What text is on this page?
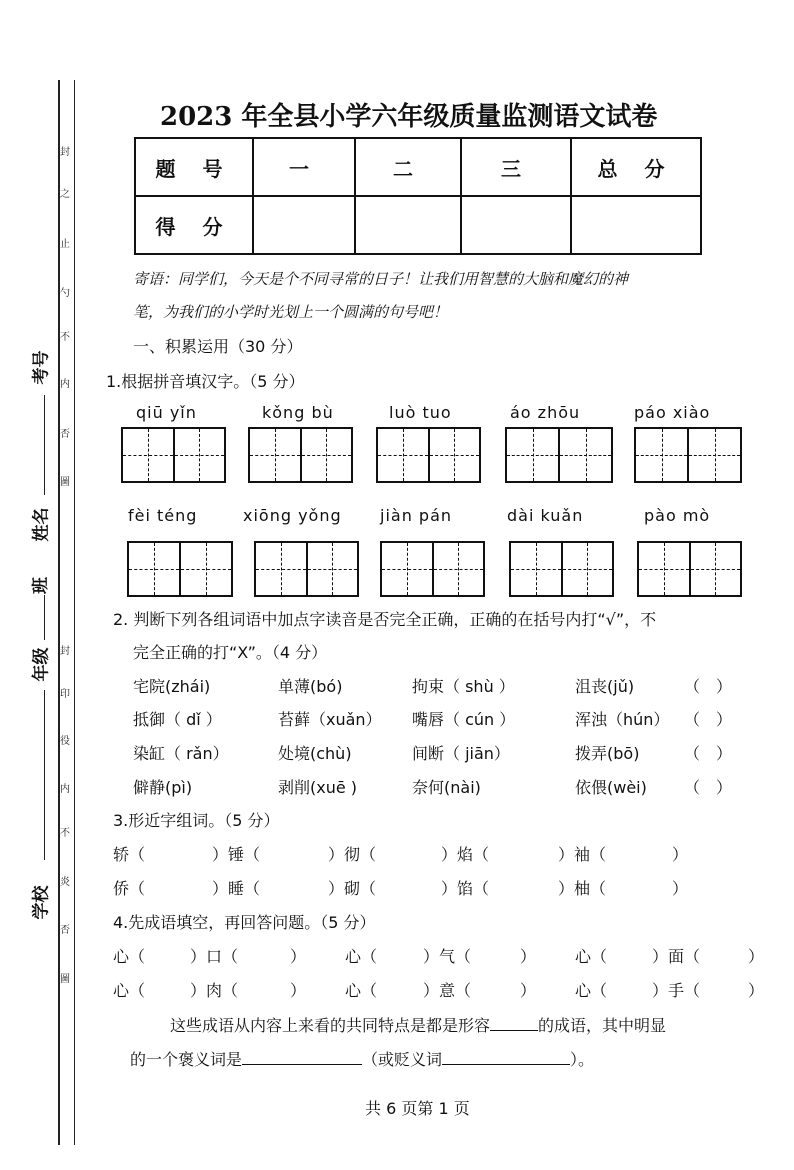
封
之
止
勺
不
内
否
圖
封
印
役
内
不
炎
否
圖
考号
姓名
班
年级
学校
2023 年全县小学六年级质量监测语文试卷
题 号	一	二	三	总 分
得 分				
寄语：同学们，今天是个不同寻常的日子！让我们用智慧的大脑和魔幻的神
笔，为我们的小学时光划上一个圆满的句号吧！
一、积累运用（30 分）
1.根据拼音填汉字。（5 分）
qiū yǐn	kǒng bù	luò tuo	áo zhōu	páo xiào
fèi téng	xiōng yǒng jiàn pán	dài kuǎn	pào mò
2. 判断下列各组词语中加点字读音是否完全正确，正确的在括号内打“√”，不
完全正确的打“X”。（4 分）
宅院(zhái)	单薄(bó)	拘束（ shù ）	沮丧(jǔ)	（　）
抵御（ dǐ ）	苔藓（xuǎn） 嘴唇（ cún ）	浑浊（hún） （　）
染缸（ rǎn）	处境(chù)	间断（ jiān）	拨弄(bō)	（　）
僻静(pì)	剥削(xuē )	奈何(nài)	依偎(wèi) （　）
3.形近字组词。（5 分）
轿（	）锤（	）彻（	）焰（	）袖（	）
侨（	）睡（	）砌（	）馅（	）柚（	）
4.先成语填空，再回答问题。（5 分）
心（	）口（	） 心（	）气（	） 心（	）面（	）
心（	）肉（	） 心（	）意（	） 心（	）手（	）
这些成语从内容上来看的共同特点是都是形容	的成语，其中明显
的一个褒义词是	（或贬义词	）。
共 6 页第 1 页
